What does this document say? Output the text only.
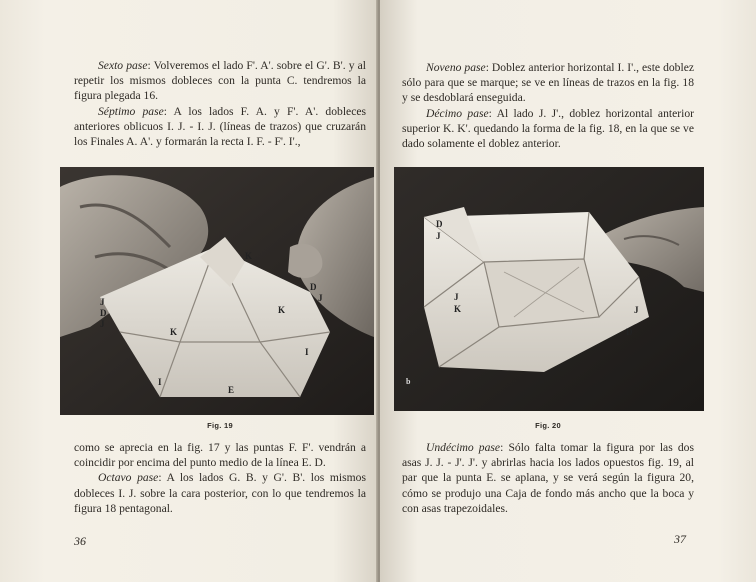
Sexto pase: Volveremos el lado F'. A'. sobre el G'. B'. y al repetir los mismos dobleces con la punta C. tendremos la figura plegada 16.

Séptimo pase: A los lados F. A. y F'. A'. dobleces anteriores oblicuos I. J. - I. J. (líneas de trazos) que cruzarán los Finales A. A'. y formarán la recta I. F. - F'. I'.,

J
D
J
K
K
K
D
J
I
I
E
Fig. 19

como se aprecia en la fig. 17 y las puntas F. F'. vendrán a coincidir por encima del punto medio de la línea E. D.

Octavo pase: A los lados G. B. y G'. B'. los mismos dobleces I. J. sobre la cara posterior, con lo que tendremos la figura 18 pentagonal.

36

Noveno pase: Doblez anterior horizontal I. I'., este doblez sólo para que se marque; se ve en líneas de trazos en la fig. 18 y se desdoblará enseguida.

Décimo pase: Al lado J. J'., doblez horizontal anterior superior K. K'. quedando la forma de la fig. 18, en la que se ve dado solamente el doblez anterior.

D
J
J
K	J
D
b
Fig. 20

Undécimo pase: Sólo falta tomar la figura por las dos asas J. J. - J'. J'. y abrirlas hacia los lados opuestos fig. 19, al par que la punta E. se aplana, y se verá según la figura 20, cómo se produjo una Caja de fondo más ancho que la boca y con asas trapezoidales.

37
